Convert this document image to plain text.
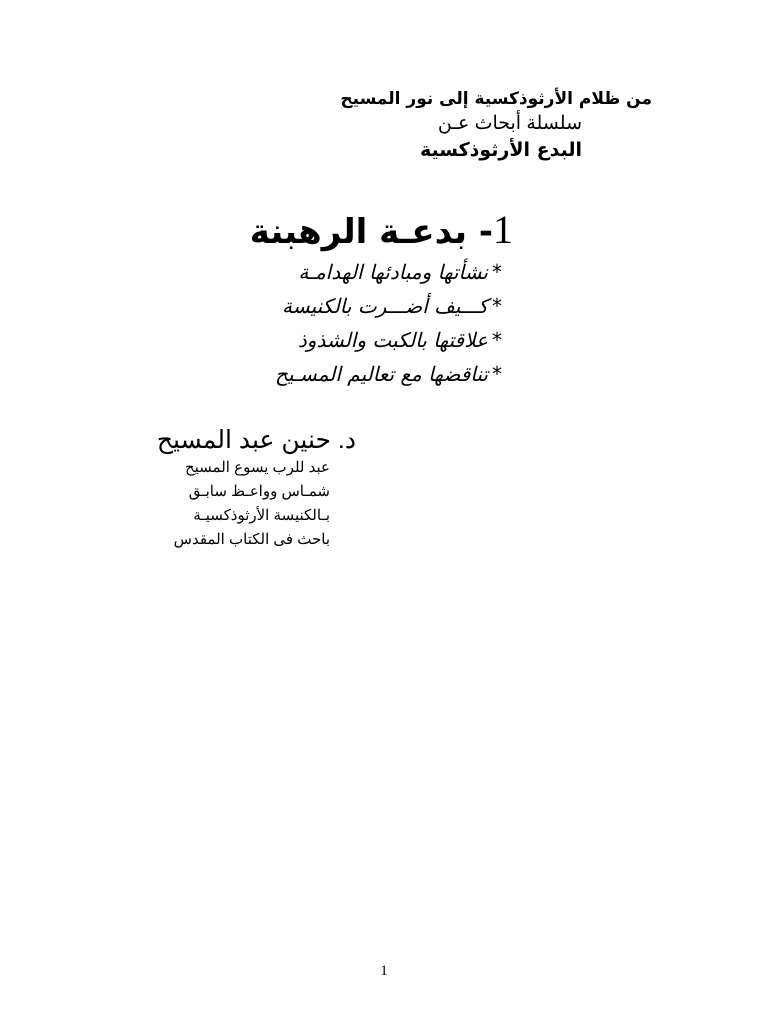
من ظلام الأرثوذكسية إلى نور المسيح
سلسلة أبحاث عـن
البدع الأرثوذكسية
1- بدعـة الرهبنة
*نشأتها ومبادئها الهدامـة
*كـــيف أضـــرت بالكنيسة
*علاقتها بالكبت والشذوذ
*تناقضها مع تعاليم المسـيح
د. حنين عبد المسيح
عبد للرب يسوع المسيح
شمـاس وواعـظ سابـق
بـالكنيسة الأرثوذكسيـة
باحث فى الكتاب المقدس
1
